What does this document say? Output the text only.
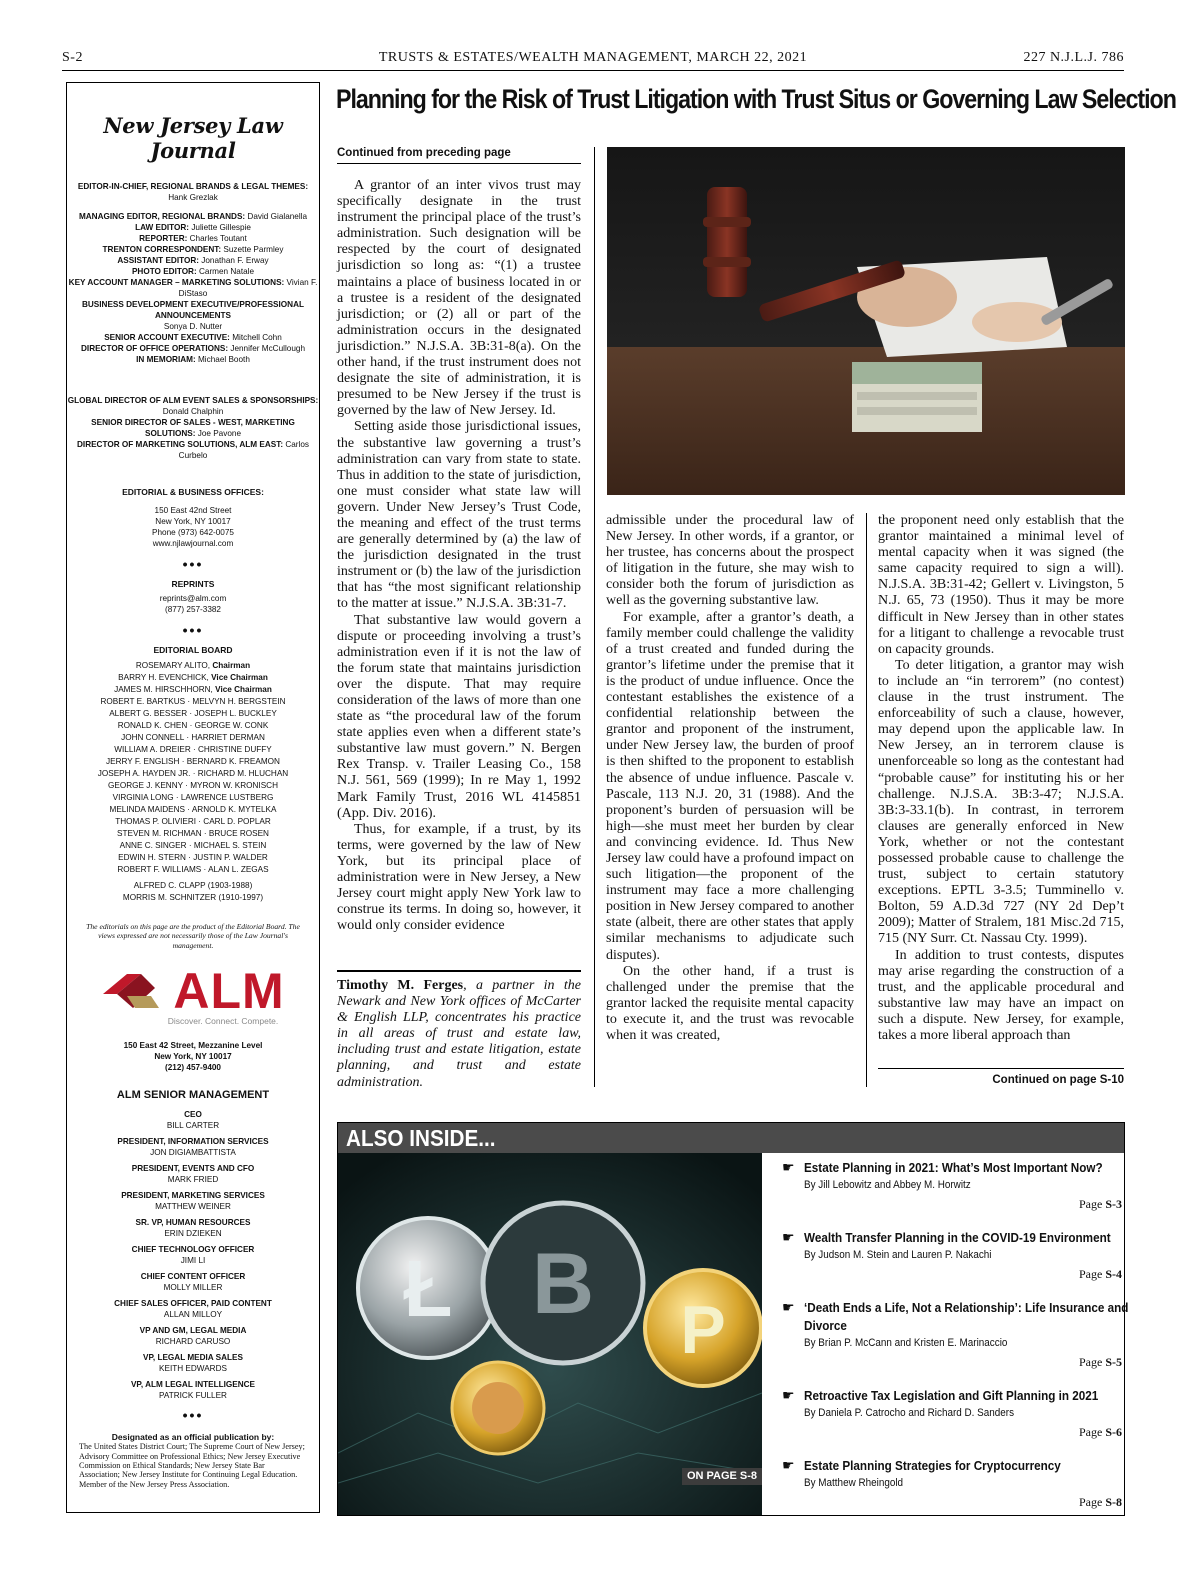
S-2	TRUSTS & ESTATES/WEALTH MANAGEMENT, MARCH 22, 2021	227 N.J.L.J. 786
New Jersey Law Journal
EDITOR-IN-CHIEF, REGIONAL BRANDS & LEGAL THEMES:
Hank Grezlak
MANAGING EDITOR, REGIONAL BRANDS: David Gialanella
LAW EDITOR: Juliette Gillespie
REPORTER: Charles Toutant
TRENTON CORRESPONDENT: Suzette Parmley
ASSISTANT EDITOR: Jonathan F. Erway
PHOTO EDITOR: Carmen Natale
KEY ACCOUNT MANAGER – MARKETING SOLUTIONS: Vivian F. DiStaso
BUSINESS DEVELOPMENT EXECUTIVE/PROFESSIONAL ANNOUNCEMENTS
Sonya D. Nutter
SENIOR ACCOUNT EXECUTIVE: Mitchell Cohn
DIRECTOR OF OFFICE OPERATIONS: Jennifer McCullough
IN MEMORIAM: Michael Booth
GLOBAL DIRECTOR OF ALM EVENT SALES & SPONSORSHIPS: Donald Chalphin
SENIOR DIRECTOR OF SALES - WEST, MARKETING SOLUTIONS: Joe Pavone
DIRECTOR OF MARKETING SOLUTIONS, ALM EAST: Carlos Curbelo
EDITORIAL & BUSINESS OFFICES:
150 East 42nd Street
New York, NY 10017
Phone (973) 642-0075
www.njlawjournal.com
•••
REPRINTS
reprints@alm.com
(877) 257-3382
•••
EDITORIAL BOARD
ROSEMARY ALITO, Chairman
BARRY H. EVENCHICK, Vice Chairman
JAMES M. HIRSCHHORN, Vice Chairman
ROBERT E. BARTKUS · MELVYN H. BERGSTEIN
ALBERT G. BESSER · JOSEPH L. BUCKLEY
RONALD K. CHEN · GEORGE W. CONK
JOHN CONNELL · HARRIET DERMAN
WILLIAM A. DREIER · CHRISTINE DUFFY
JERRY F. ENGLISH · BERNARD K. FREAMON
JOSEPH A. HAYDEN JR. · RICHARD M. HLUCHAN
GEORGE J. KENNY · MYRON W. KRONISCH
VIRGINIA LONG · LAWRENCE LUSTBERG
MELINDA MAIDENS · ARNOLD K. MYTELKA
THOMAS P. OLIVIERI · CARL D. POPLAR
STEVEN M. RICHMAN · BRUCE ROSEN
ANNE C. SINGER · MICHAEL S. STEIN
EDWIN H. STERN · JUSTIN P. WALDER
ROBERT F. WILLIAMS · ALAN L. ZEGAS
ALFRED C. CLAPP (1903-1988)
MORRIS M. SCHNITZER (1910-1997)
The editorials on this page are the product of the Editorial Board. The views expressed are not necessarily those of the Law Journal's management.
ALM
Discover. Connect. Compete.
150 East 42 Street, Mezzanine Level
New York, NY 10017
(212) 457-9400
ALM SENIOR MANAGEMENT
CEO
BILL CARTER
PRESIDENT, INFORMATION SERVICES
JON DIGIAMBATTISTA
PRESIDENT, EVENTS AND CFO
MARK FRIED
PRESIDENT, MARKETING SERVICES
MATTHEW WEINER
SR. VP, HUMAN RESOURCES
ERIN DZIEKEN
CHIEF TECHNOLOGY OFFICER
JIMI LI
CHIEF CONTENT OFFICER
MOLLY MILLER
CHIEF SALES OFFICER, PAID CONTENT
ALLAN MILLOY
VP AND GM, LEGAL MEDIA
RICHARD CARUSO
VP, LEGAL MEDIA SALES
KEITH EDWARDS
VP, ALM LEGAL INTELLIGENCE
PATRICK FULLER
•••
Designated as an official publication by:
The United States District Court; The Supreme Court of New Jersey; Advisory Committee on Professional Ethics; New Jersey Executive Commission on Ethical Standards; New Jersey State Bar Association; New Jersey Institute for Continuing Legal Education. Member of the New Jersey Press Association.
Planning for the Risk of Trust Litigation with Trust Situs or Governing Law Selection
Continued from preceding page

A grantor of an inter vivos trust may specifically designate in the trust instrument the principal place of the trust’s administration. Such designation will be respected by the court of designated jurisdiction so long as: “(1) a trustee maintains a place of business located in or a trustee is a resident of the designated jurisdiction; or (2) all or part of the administration occurs in the designated jurisdiction.” N.J.S.A. 3B:31-8(a). On the other hand, if the trust instrument does not designate the site of administration, it is presumed to be New Jersey if the trust is governed by the law of New Jersey. Id.

Setting aside those jurisdictional issues, the substantive law governing a trust’s administration can vary from state to state. Thus in addition to the state of jurisdiction, one must consider what state law will govern. Under New Jersey’s Trust Code, the meaning and effect of the trust terms are generally determined by (a) the law of the jurisdiction designated in the trust instrument or (b) the law of the jurisdiction that has “the most significant relationship to the matter at issue.” N.J.S.A. 3B:31-7.

That substantive law would govern a dispute or proceeding involving a trust’s administration even if it is not the law of the forum state that maintains jurisdiction over the dispute. That may require consideration of the laws of more than one state as “the procedural law of the forum state applies even when a different state’s substantive law must govern.” N. Bergen Rex Transp. v. Trailer Leasing Co., 158 N.J. 561, 569 (1999); In re May 1, 1992 Mark Family Trust, 2016 WL 4145851 (App. Div. 2016).

Thus, for example, if a trust, by its terms, were governed by the law of New York, but its principal place of administration were in New Jersey, a New Jersey court might apply New York law to construe its terms. In doing so, however, it would only consider evidence

Timothy M. Ferges, a partner in the Newark and New York offices of McCarter & English LLP, concentrates his practice in all areas of trust and estate law, including trust and estate litigation, estate planning, and trust and estate administration.

admissible under the procedural law of New Jersey. In other words, if a grantor, or her trustee, has concerns about the prospect of litigation in the future, she may wish to consider both the forum of jurisdiction as well as the governing substantive law.

For example, after a grantor’s death, a family member could challenge the validity of a trust created and funded during the grantor’s lifetime under the premise that it is the product of undue influence. Once the contestant establishes the existence of a confidential relationship between the grantor and proponent of the instrument, under New Jersey law, the burden of proof is then shifted to the proponent to establish the absence of undue influence. Pascale v. Pascale, 113 N.J. 20, 31 (1988). And the proponent’s burden of persuasion will be high—she must meet her burden by clear and convincing evidence. Id. Thus New Jersey law could have a profound impact on such litigation—the proponent of the instrument may face a more challenging position in New Jersey compared to another state (albeit, there are other states that apply similar mechanisms to adjudicate such disputes).

On the other hand, if a trust is challenged under the premise that the grantor lacked the requisite mental capacity to execute it, and the trust was revocable when it was created,

the proponent need only establish that the grantor maintained a minimal level of mental capacity when it was signed (the same capacity required to sign a will). N.J.S.A. 3B:31-42; Gellert v. Livingston, 5 N.J. 65, 73 (1950). Thus it may be more difficult in New Jersey than in other states for a litigant to challenge a revocable trust on capacity grounds.

To deter litigation, a grantor may wish to include an “in terrorem” (no contest) clause in the trust instrument. The enforceability of such a clause, however, may depend upon the applicable law. In New Jersey, an in terrorem clause is unenforceable so long as the contestant had “probable cause” for instituting his or her challenge. N.J.S.A. 3B:3-47; N.J.S.A. 3B:3-33.1(b). In contrast, in terrorem clauses are generally enforced in New York, whether or not the contestant possessed probable cause to challenge the trust, subject to certain statutory exceptions. EPTL 3-3.5; Tumminello v. Bolton, 59 A.D.3d 727 (NY 2d Dep’t 2009); Matter of Stralem, 181 Misc.2d 715, 715 (NY Surr. Ct. Nassau Cty. 1999).

In addition to trust contests, disputes may arise regarding the construction of a trust, and the applicable procedural and substantive law may have an impact on such a dispute. New Jersey, for example, takes a more liberal approach than

Continued on page S-10
ALSO INSIDE...
Ł B P
ON PAGE S-8
☛ Estate Planning in 2021: What’s Most Important Now?
By Jill Lebowitz and Abbey M. Horwitz
Page S-3
☛ Wealth Transfer Planning in the COVID-19 Environment
By Judson M. Stein and Lauren P. Nakachi
Page S-4
☛ ‘Death Ends a Life, Not a Relationship’: Life Insurance and Divorce
By Brian P. McCann and Kristen E. Marinaccio
Page S-5
☛ Retroactive Tax Legislation and Gift Planning in 2021
By Daniela P. Catrocho and Richard D. Sanders
Page S-6
☛ Estate Planning Strategies for Cryptocurrency
By Matthew Rheingold
Page S-8
